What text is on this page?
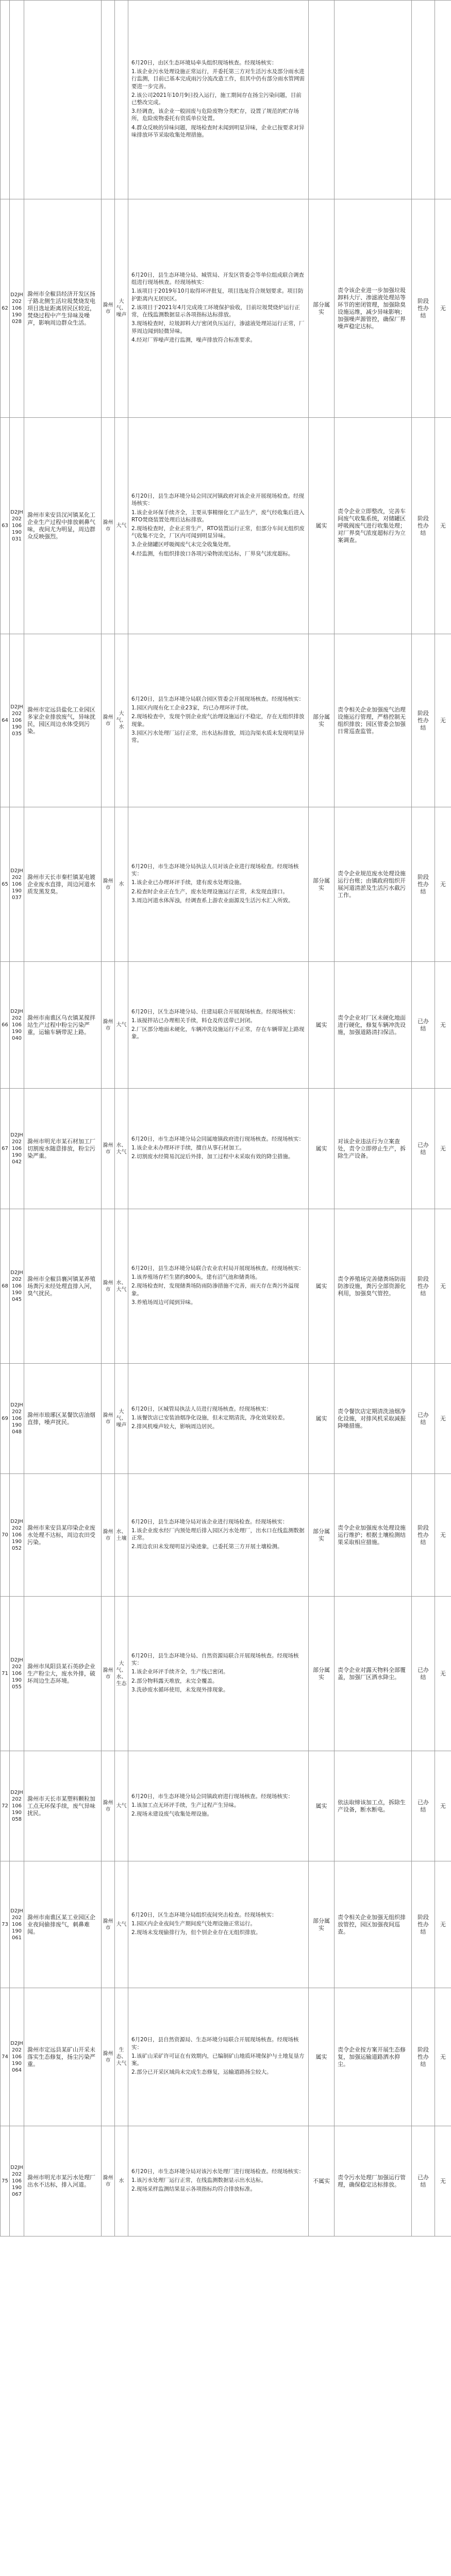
					6月20日，由区生态环境局牵头组织现场核查。经现场核实：
1.该企业污水处理设施正常运行，并委托第三方对生活污水及部分雨水进行监测，目前已基本完成雨污分流改造工作，但其中仍有部分雨水管网需要进一步完善。
2.该公司2021年10月9日投入运行，施工期间存在扬尘污染问题，目前已整改完成。
3.经调查，该企业一般固废与危险废物分类贮存，设置了规范的贮存场所，危险废物委托有资质单位处置。
4.群众反映的异味问题，现场检查时未闻到明显异味，企业已按要求对异味排放环节采取收集处理措施。				

62	D2JH202106190028	滁州市全椒县经济开发区扬子路北侧生活垃圾焚烧发电项目选址距离居民区较近，焚烧过程中产生异味及噪声，影响周边群众生活。	滁州市	大气、噪声	6月20日，县生态环境分局、城管局、开发区管委会等单位组成联合调查组进行现场核查。经现场核实：
1.该项目于2019年10月取得环评批复，项目选址符合规划要求。项目防护距离内无居民区。
2.该项目于2021年4月完成竣工环境保护验收，目前垃圾焚烧炉运行正常，在线监测数据显示各项指标达标排放。
3.现场检查时，垃圾卸料大厅密闭负压运行，渗滤液处理站运行正常，厂界周边闻到轻微异味。
4.经对厂界噪声进行监测，噪声排放符合标准要求。	部分属实	责令该企业进一步加强垃圾卸料大厅、渗滤液处理站等环节的密闭管理，加强除臭设施运维，减少异味影响；加强噪声源管控，确保厂界噪声稳定达标。	阶段性办结	无
63	D2JH202106190031	滁州市来安县汊河镇某化工企业生产过程中排放刺鼻气味，夜间尤为明显，周边群众反映强烈。	滁州市	大气	6月20日，县生态环境分局会同汊河镇政府对该企业开展现场检查。经现场核实：
1.该企业环保手续齐全，主要从事精细化工产品生产，废气经收集后进入RTO焚烧装置处理后达标排放。
2.现场检查时，企业正常生产，RTO装置运行正常，但部分车间无组织废气收集不完全，厂区内可闻到明显异味。
3.企业储罐区呼吸阀废气未完全收集处理。
4.经监测，有组织排放口各项污染物浓度达标，厂界臭气浓度超标。	属实	责令企业立即整改，完善车间废气收集系统，对储罐区呼吸阀废气进行收集处理；对厂界臭气浓度超标行为立案调查。	阶段性办结	无
64	D2JH202106190035	滁州市定远县盐化工业园区多家企业排放废气，异味扰民，园区周边水体受到污染。	滁州市	大气、水	6月20日，县生态环境分局联合园区管委会开展现场核查。经现场核实：
1.园区内现有化工企业23家，均已办理环评手续。
2.现场检查中，发现个别企业废气治理设施运行不稳定，存在无组织排放现象。
3.园区污水处理厂运行正常，出水达标排放，周边沟渠水质未发现明显异常。	部分属实	责令相关企业加强废气治理设施运行管理，严格控制无组织排放；园区管委会加强日常巡查监管。	阶段性办结	无
65	D2JH202106190037	滁州市天长市秦栏镇某电镀企业废水直排，周边河道水质发黑发臭。	滁州市	水	6月20日，市生态环境分局执法人员对该企业进行现场检查。经现场核实：
1.该企业已办理环评手续，建有废水处理设施。
2.检查时企业正在生产，废水处理设施运行正常，未发现直排口。
3.周边河道水体浑浊，经调查系上游农业面源及生活污水汇入所致。	部分属实	责令企业规范废水处理设施运行台账；由镇政府组织开展河道清淤及生活污水截污工作。	阶段性办结	无
66	D2JH202106190040	滁州市南谯区乌衣镇某搅拌站生产过程中粉尘污染严重，运输车辆带泥上路。	滁州市	大气	6月20日，区生态环境分局、住建局联合开展现场核查。经现场核实：
1.该搅拌站已办理相关手续，料仓及传送带已封闭。
2.厂区部分地面未硬化，车辆冲洗设施运行不正常，存在车辆带泥上路现象。	属实	责令企业对厂区未硬化地面进行硬化，修复车辆冲洗设施，加强道路清扫保洁。	已办结	无
67	D2JH202106190042	滁州市明光市某石材加工厂切割废水随意排放，粉尘污染严重。	滁州市	水、大气	6月20日，市生态环境分局会同属地镇政府进行现场核查。经现场核实：
1.该企业未办理环评手续，擅自从事石材加工。
2.切割废水经简易沉淀后外排，加工过程中未采取有效的降尘措施。	属实	对该企业违法行为立案查处，责令立即停止生产，拆除生产设备。	已办结	无
68	D2JH202106190045	滁州市全椒县襄河镇某养殖场粪污未经处理直排入河，臭气扰民。	滁州市	水、大气	6月20日，县生态环境分局联合农业农村局开展现场核查。经现场核实：
1.该养殖场存栏生猪约800头，建有沼气池和储粪场。
2.现场检查时，发现储粪场防雨防渗措施不完善，雨天存在粪污外溢现象。
3.养殖场周边可闻到异味。	属实	责令养殖场完善储粪场防雨防渗设施，粪污全部资源化利用，加强臭气管控。	阶段性办结	无
69	D2JH202106190048	滁州市琅琊区某餐饮店油烟直排，噪声扰民。	滁州市	大气、噪声	6月20日，区城管局执法人员进行现场核查。经现场核实：
1.该餐饮店已安装油烟净化设施，但未定期清洗，净化效果较差。
2.排风机噪声较大，影响周边居民。	属实	责令餐饮店定期清洗油烟净化设施，对排风机采取减振降噪措施。	已办结	无
70	D2JH202106190052	滁州市来安县某印染企业废水处理不达标，周边农田受污染。	滁州市	水、土壤	6月20日，县生态环境分局对该企业进行现场检查。经现场核实：
1.该企业废水经厂内预处理后排入园区污水处理厂，出水口在线监测数据正常。
2.周边农田未发现明显污染迹象，已委托第三方开展土壤检测。	部分属实	责令企业加强废水处理设施运行维护；根据土壤检测结果采取相应措施。	阶段性办结	无
71	D2JH202106190055	滁州市凤阳县某石英砂企业生产粉尘大，废水外排，破坏周边生态环境。	滁州市	大气、水、生态	6月20日，县生态环境分局、自然资源局联合开展现场核查。经现场核实：
1.该企业环评手续齐全，生产线已密闭。
2.部分物料露天堆放，未完全覆盖。
3.洗砂废水循环使用，未发现外排现象。	部分属实	责令企业对露天物料全部覆盖，加强厂区洒水降尘。	已办结	无
72	D2JH202106190058	滁州市天长市某塑料颗粒加工点无环保手续，废气异味扰民。	滁州市	大气	6月20日，市生态环境分局会同镇政府进行现场核查。经现场核实：
1.该加工点无环评手续，生产过程产生异味。
2.现场未建设废气收集处理设施。	属实	依法取缔该加工点，拆除生产设备，断水断电。	已办结	无
73	D2JH202106190061	滁州市南谯区某工业园区企业夜间偷排废气，刺鼻难闻。	滁州市	大气	6月20日，区生态环境分局组织夜间突击检查。经现场核实：
1.园区内企业夜间生产期间废气处理设施正常运行。
2.现场未发现偷排行为，但个别企业存在无组织排放。	部分属实	责令相关企业加强无组织排放管控，园区加强夜间巡查。	阶段性办结	无
74	D2JH202106190064	滁州市定远县某矿山开采未落实生态修复，扬尘污染严重。	滁州市	生态、大气	6月20日，县自然资源局、生态环境分局联合开展现场核查。经现场核实：
1.该矿山采矿许可证在有效期内，已编制矿山地质环境保护与土地复垦方案。
2.部分已开采区域尚未完成生态修复，运输道路扬尘较大。	属实	责令企业按方案开展生态修复，加强运输道路洒水抑尘。	阶段性办结	无
75	D2JH202106190067	滁州市明光市某污水处理厂出水不达标，排入河道。	滁州市	水	6月20日，市生态环境分局对该污水处理厂进行现场检查。经现场核实：
1.该污水处理厂运行正常，在线监测数据显示出水达标。
2.现场采样监测结果显示各项指标均符合排放标准。	不属实	责令污水处理厂加强运行管理，确保稳定达标排放。	已办结	无
